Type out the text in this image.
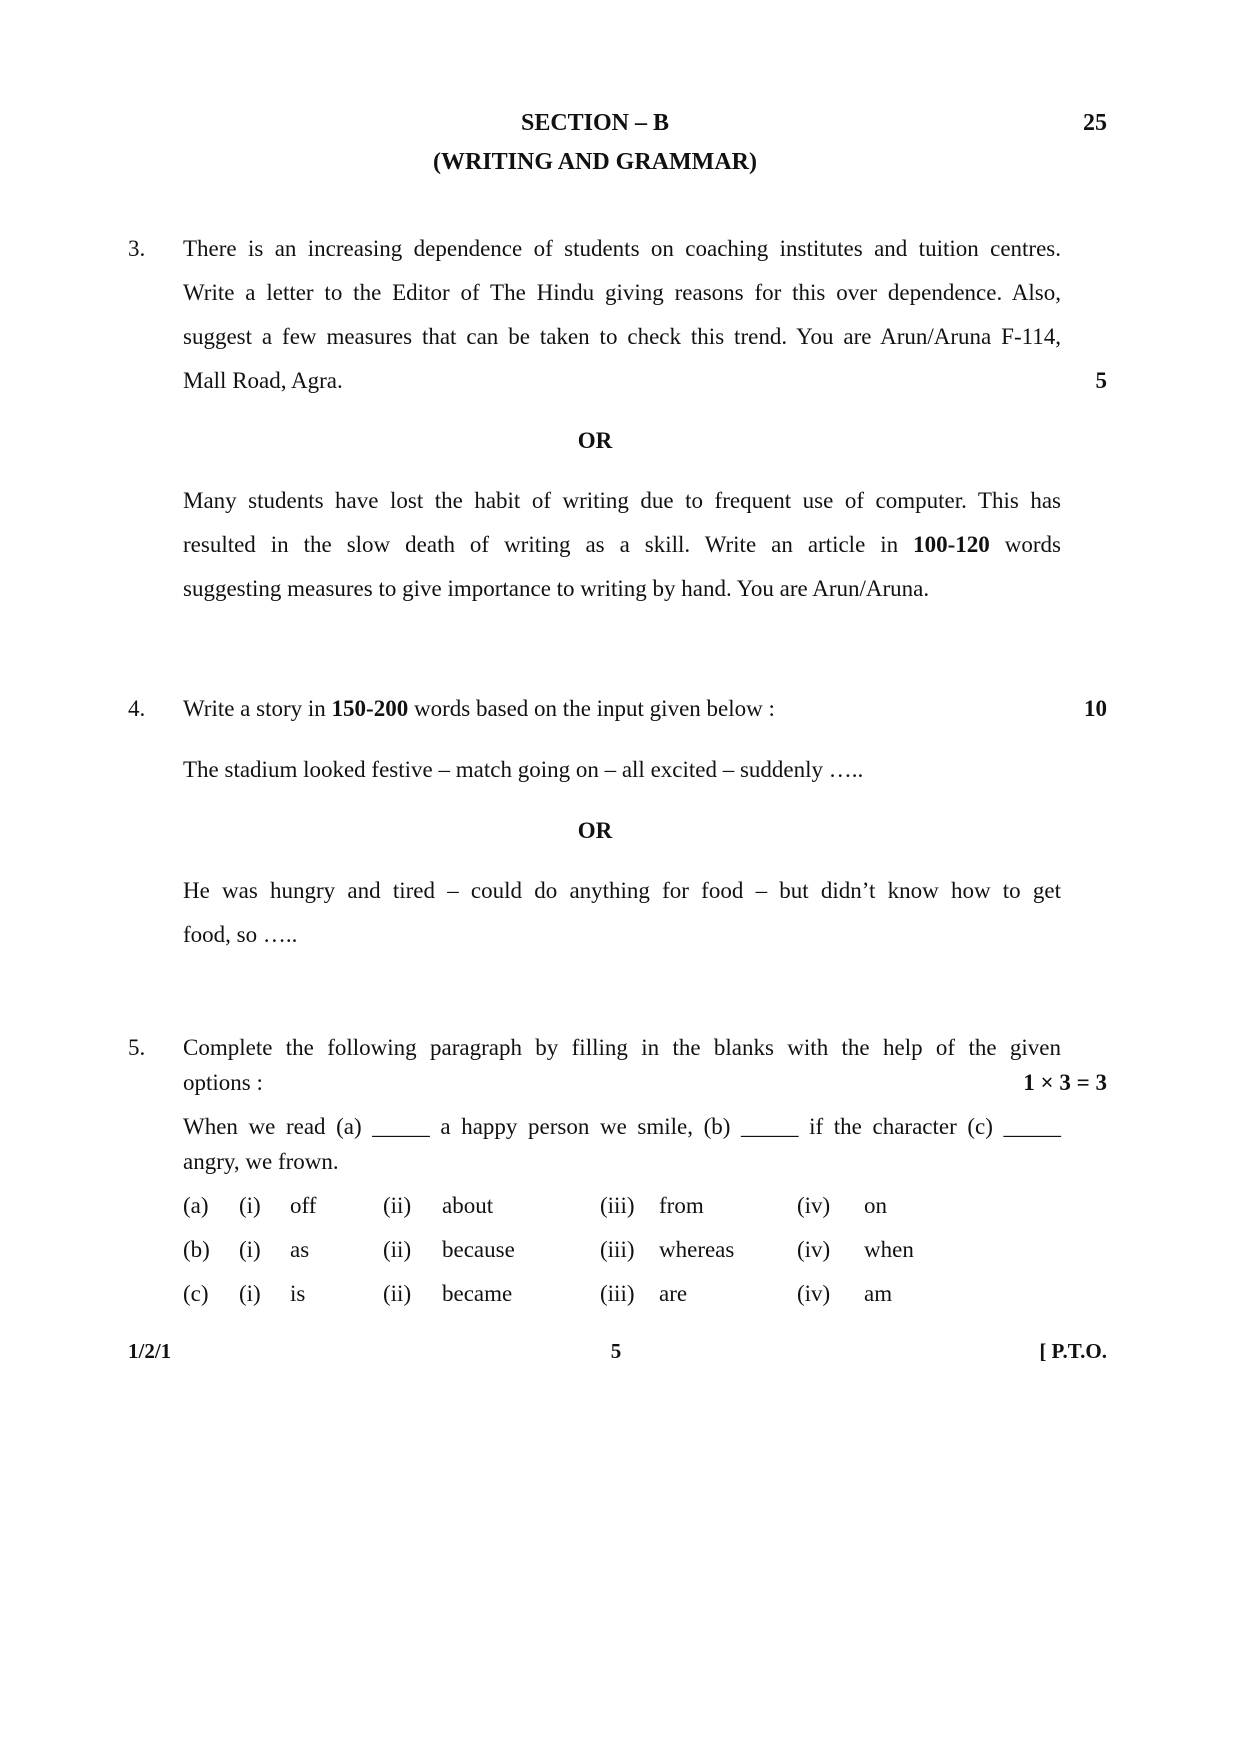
SECTION – B	25
(WRITING AND GRAMMAR)
3. There is an increasing dependence of students on coaching institutes and tuition centres.
Write a letter to the Editor of The Hindu giving reasons for this over dependence. Also,
suggest a few measures that can be taken to check this trend. You are Arun/Aruna F-114,
Mall Road, Agra.	5
OR
Many students have lost the habit of writing due to frequent use of computer. This has
resulted in the slow death of writing as a skill. Write an article in 100-120 words
suggesting measures to give importance to writing by hand. You are Arun/Aruna.
4. Write a story in 150-200 words based on the input given below :	10
The stadium looked festive – match going on – all excited – suddenly …..
OR
He was hungry and tired – could do anything for food – but didn’t know how to get
food, so …..
5. Complete the following paragraph by filling in the blanks with the help of the given
options :	1 × 3 = 3
When we read (a) _____ a happy person we smile, (b) _____ if the character (c) _____
angry, we frown.
(a) (i) off	(ii) about	(iii) from	(iv) on
(b) (i) as	(ii) because	(iii) whereas	(iv) when
(c) (i) is	(ii) became	(iii) are	(iv) am
1/2/1	5	[ P.T.O.
